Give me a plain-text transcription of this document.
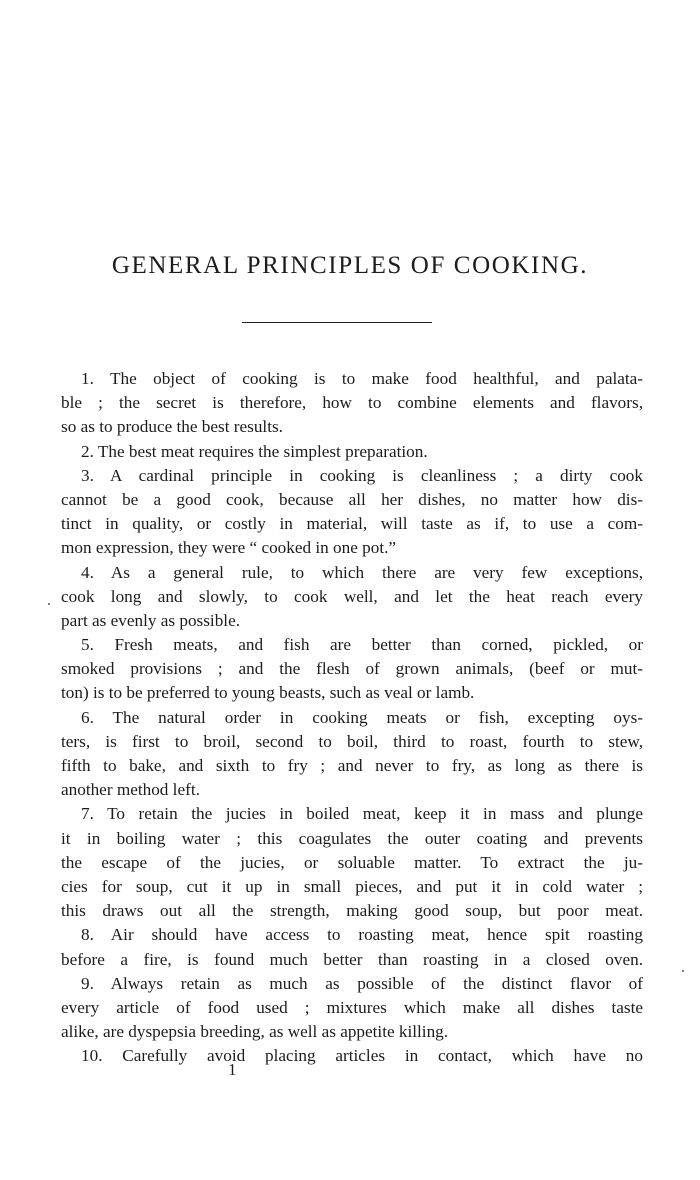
GENERAL PRINCIPLES OF COOKING.
1. The object of cooking is to make food healthful, and palata-
ble ; the secret is therefore, how to combine elements and flavors,
so as to produce the best results.
2. The best meat requires the simplest preparation.
3. A cardinal principle in cooking is cleanliness ; a dirty cook
cannot be a good cook, because all her dishes, no matter how dis-
tinct in quality, or costly in material, will taste as if, to use a com-
mon expression, they were “ cooked in one pot.”
4. As a general rule, to which there are very few exceptions,
cook long and slowly, to cook well, and let the heat reach every
part as evenly as possible.
5. Fresh meats, and fish are better than corned, pickled, or
smoked provisions ; and the flesh of grown animals, (beef or mut-
ton) is to be preferred to young beasts, such as veal or lamb.
6. The natural order in cooking meats or fish, excepting oys-
ters, is first to broil, second to boil, third to roast, fourth to stew,
fifth to bake, and sixth to fry ; and never to fry, as long as there is
another method left.
7. To retain the jucies in boiled meat, keep it in mass and plunge
it in boiling water ; this coagulates the outer coating and prevents
the escape of the jucies, or soluable matter. To extract the ju-
cies for soup, cut it up in small pieces, and put it in cold water ;
this draws out all the strength, making good soup, but poor meat.
8. Air should have access to roasting meat, hence spit roasting
before a fire, is found much better than roasting in a closed oven.
9. Always retain as much as possible of the distinct flavor of
every article of food used ; mixtures which make all dishes taste
alike, are dyspepsia breeding, as well as appetite killing.
10. Carefully avoid placing articles in contact, which have no
1
